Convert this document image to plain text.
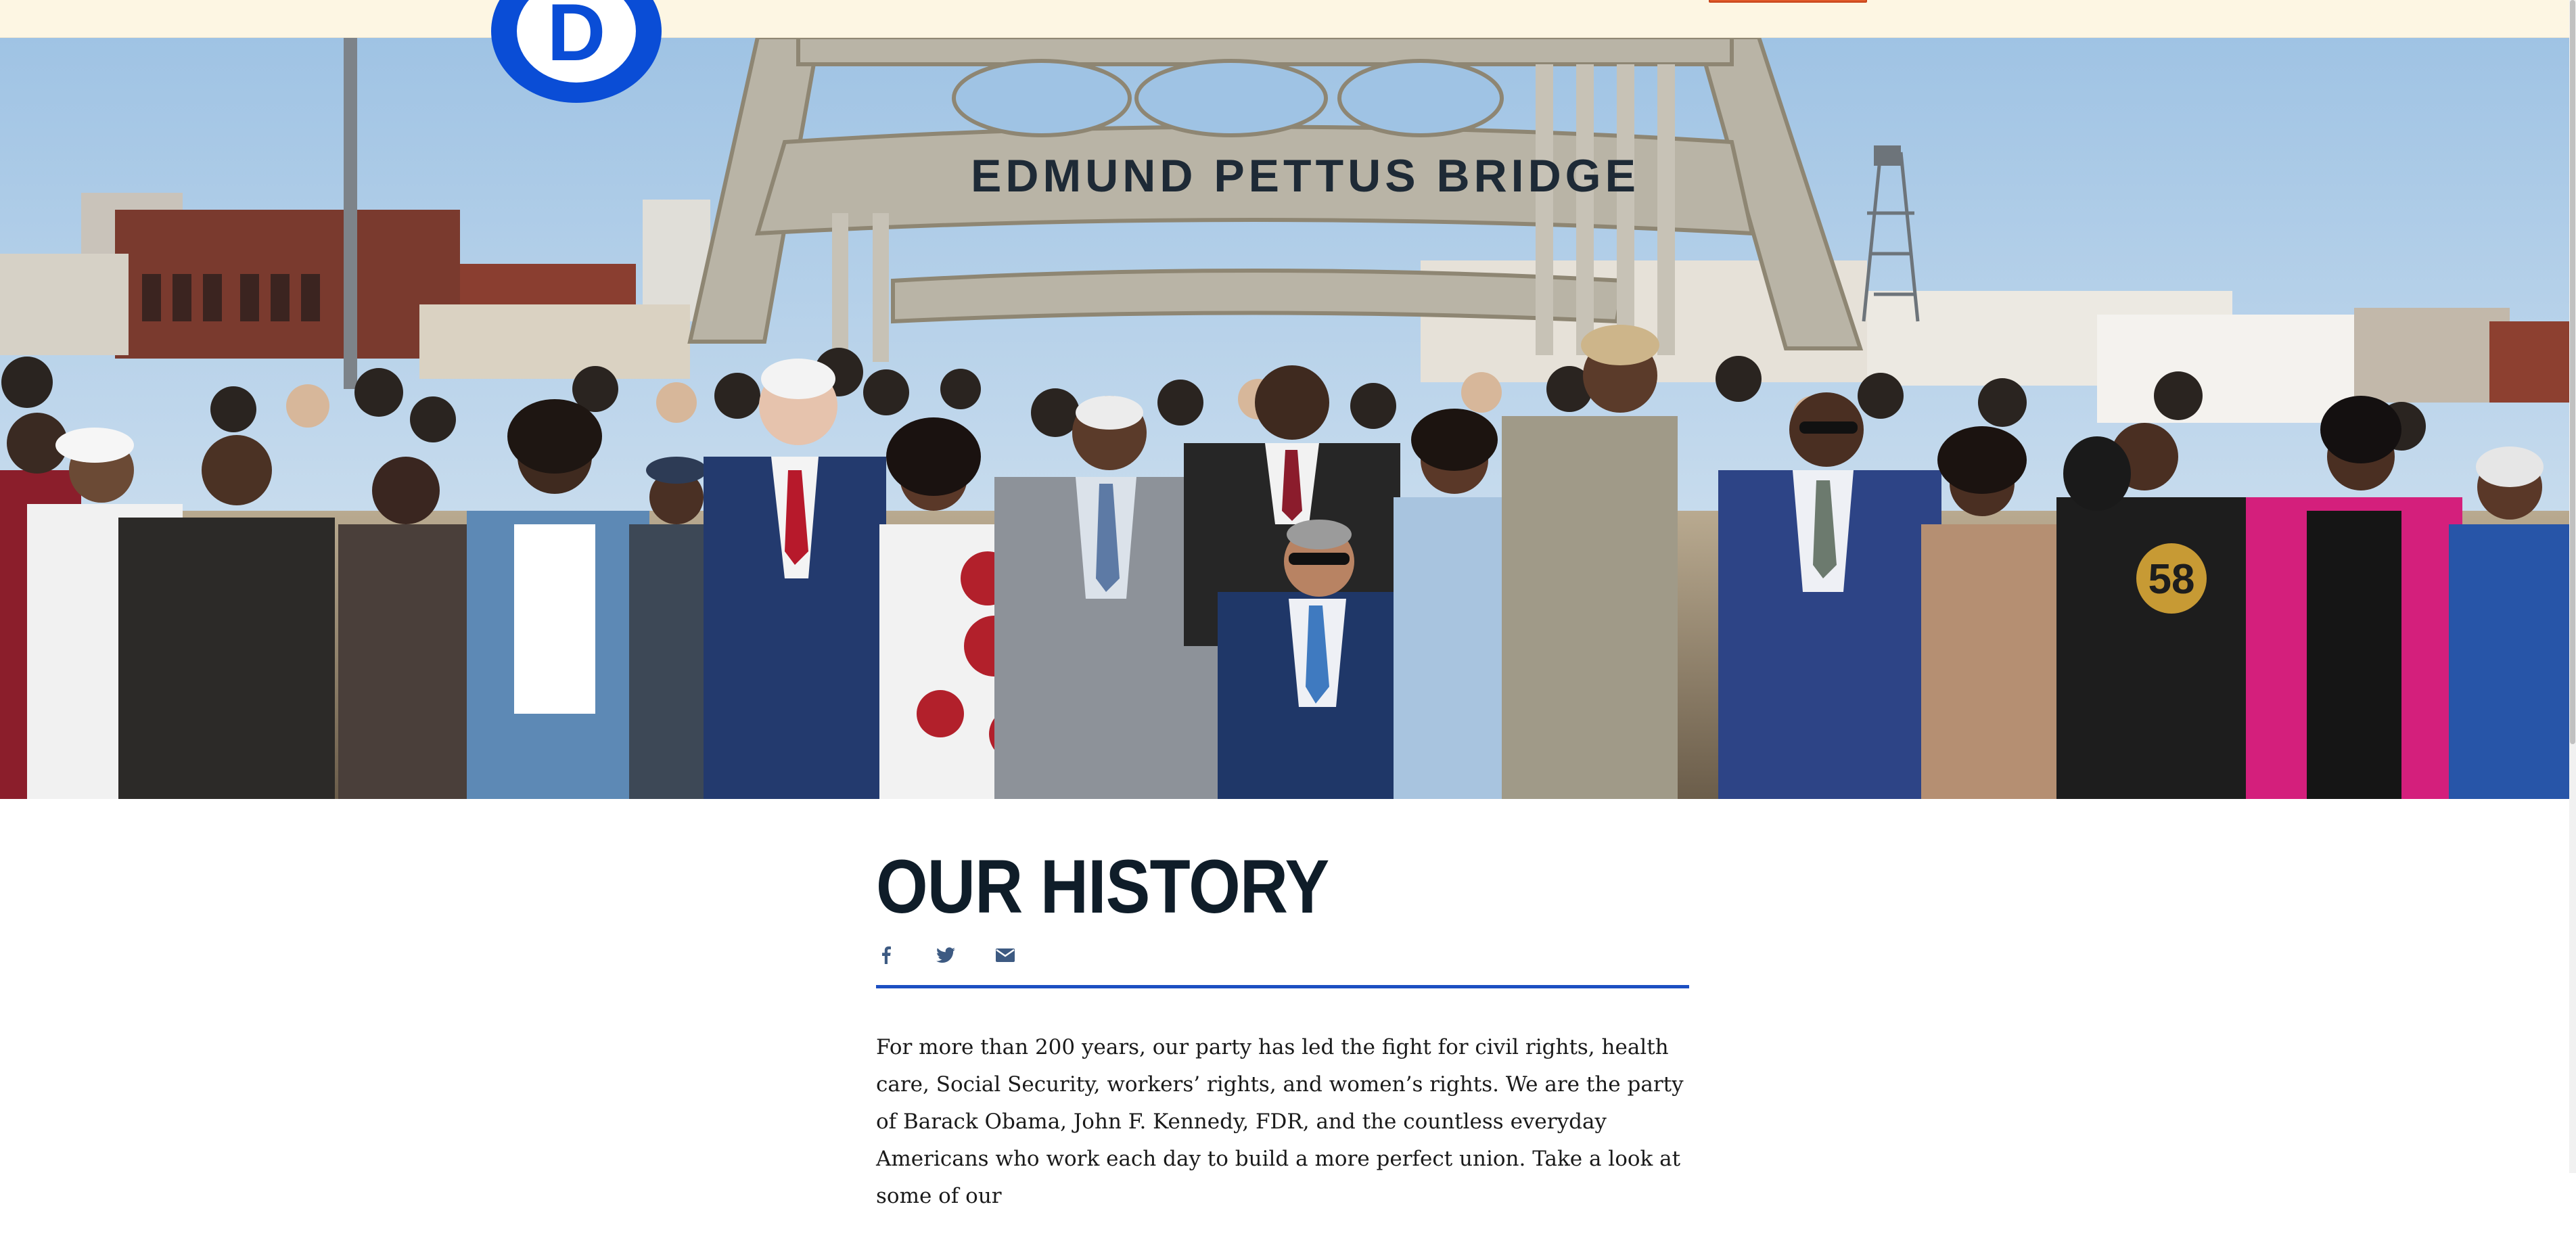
D
EDMUND PETTUS BRIDGE
58
OUR HISTORY

For more than 200 years, our party has led the fight for civil rights, health care, Social Security, workers’ rights, and women’s rights. We are the party of Barack Obama, John F. Kennedy, FDR, and the countless everyday Americans who work each day to build a more perfect union. Take a look at some of our
